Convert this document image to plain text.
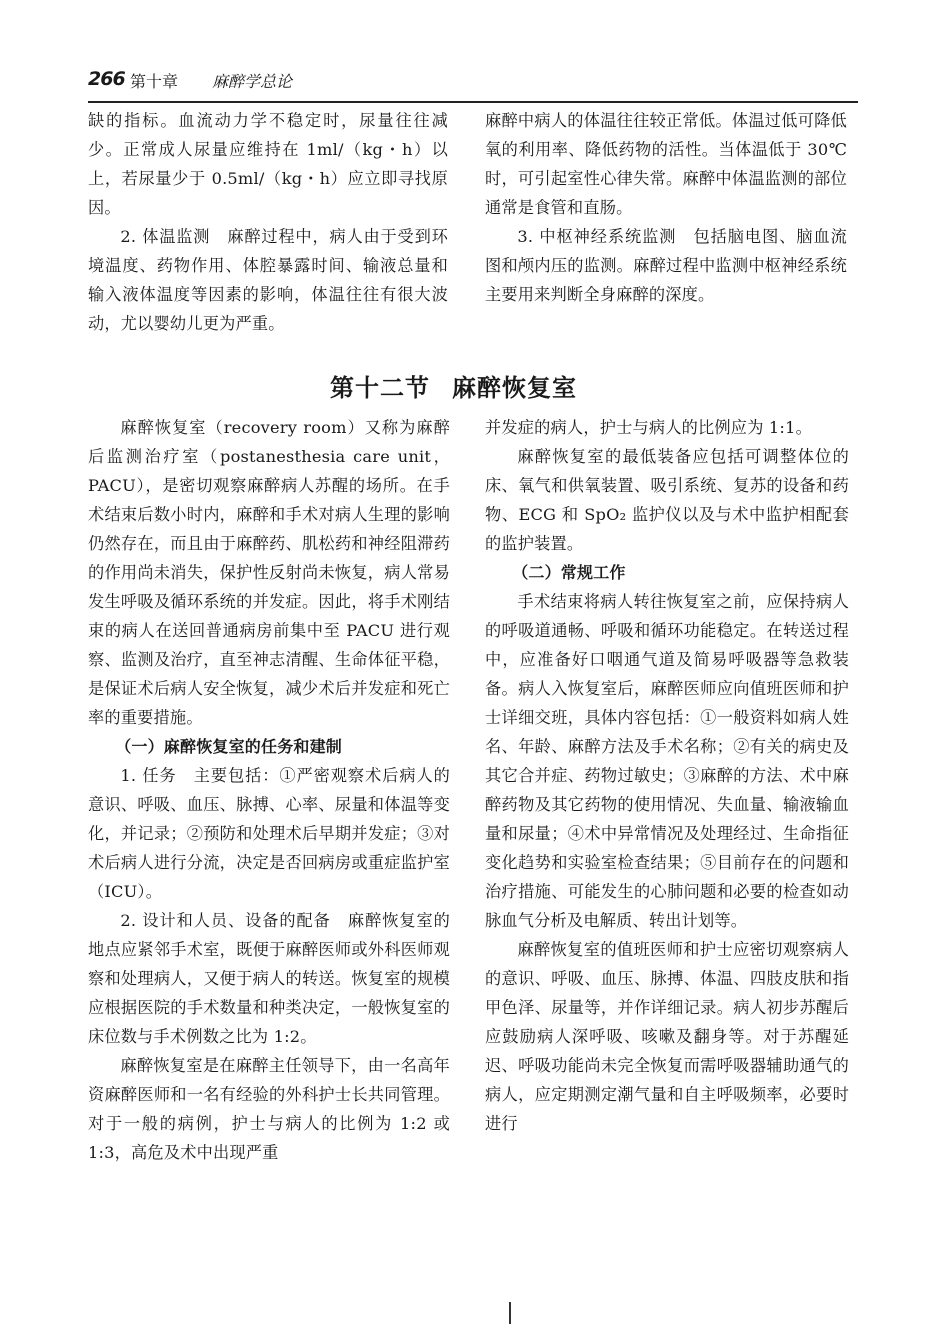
266 第十章 麻醉学总论

缺的指标。血流动力学不稳定时，尿量往往减少。正常成人尿量应维持在 1ml/（kg・h）以上，若尿量少于 0.5ml/（kg・h）应立即寻找原因。

2. 体温监测　麻醉过程中，病人由于受到环境温度、药物作用、体腔暴露时间、输液总量和输入液体温度等因素的影响，体温往往有很大波动，尤以婴幼儿更为严重。

麻醉中病人的体温往往较正常低。体温过低可降低氧的利用率、降低药物的活性。当体温低于 30℃ 时，可引起室性心律失常。麻醉中体温监测的部位通常是食管和直肠。

3. 中枢神经系统监测　包括脑电图、脑血流图和颅内压的监测。麻醉过程中监测中枢神经系统主要用来判断全身麻醉的深度。

第十二节 麻醉恢复室

麻醉恢复室（recovery room）又称为麻醉后监测治疗室（postanesthesia care unit，PACU），是密切观察麻醉病人苏醒的场所。在手术结束后数小时内，麻醉和手术对病人生理的影响仍然存在，而且由于麻醉药、肌松药和神经阻滞药的作用尚未消失，保护性反射尚未恢复，病人常易发生呼吸及循环系统的并发症。因此，将手术刚结束的病人在送回普通病房前集中至 PACU 进行观察、监测及治疗，直至神志清醒、生命体征平稳，是保证术后病人安全恢复，减少术后并发症和死亡率的重要措施。

（一）麻醉恢复室的任务和建制

1. 任务　主要包括：①严密观察术后病人的意识、呼吸、血压、脉搏、心率、尿量和体温等变化，并记录；②预防和处理术后早期并发症；③对术后病人进行分流，决定是否回病房或重症监护室（ICU）。

2. 设计和人员、设备的配备　麻醉恢复室的地点应紧邻手术室，既便于麻醉医师或外科医师观察和处理病人，又便于病人的转送。恢复室的规模应根据医院的手术数量和种类决定，一般恢复室的床位数与手术例数之比为 1:2。

麻醉恢复室是在麻醉主任领导下，由一名高年资麻醉医师和一名有经验的外科护士长共同管理。对于一般的病例，护士与病人的比例为 1:2 或 1:3，高危及术中出现严重

并发症的病人，护士与病人的比例应为 1:1。

麻醉恢复室的最低装备应包括可调整体位的床、氧气和供氧装置、吸引系统、复苏的设备和药物、ECG 和 SpO₂ 监护仪以及与术中监护相配套的监护装置。

（二）常规工作

手术结束将病人转往恢复室之前，应保持病人的呼吸道通畅、呼吸和循环功能稳定。在转送过程中，应准备好口咽通气道及简易呼吸器等急救装备。病人入恢复室后，麻醉医师应向值班医师和护士详细交班，具体内容包括：①一般资料如病人姓名、年龄、麻醉方法及手术名称；②有关的病史及其它合并症、药物过敏史；③麻醉的方法、术中麻醉药物及其它药物的使用情况、失血量、输液输血量和尿量；④术中异常情况及处理经过、生命指征变化趋势和实验室检查结果；⑤目前存在的问题和治疗措施、可能发生的心肺问题和必要的检查如动脉血气分析及电解质、转出计划等。

麻醉恢复室的值班医师和护士应密切观察病人的意识、呼吸、血压、脉搏、体温、四肢皮肤和指甲色泽、尿量等，并作详细记录。病人初步苏醒后应鼓励病人深呼吸、咳嗽及翻身等。对于苏醒延迟、呼吸功能尚未完全恢复而需呼吸器辅助通气的病人，应定期测定潮气量和自主呼吸频率，必要时进行
